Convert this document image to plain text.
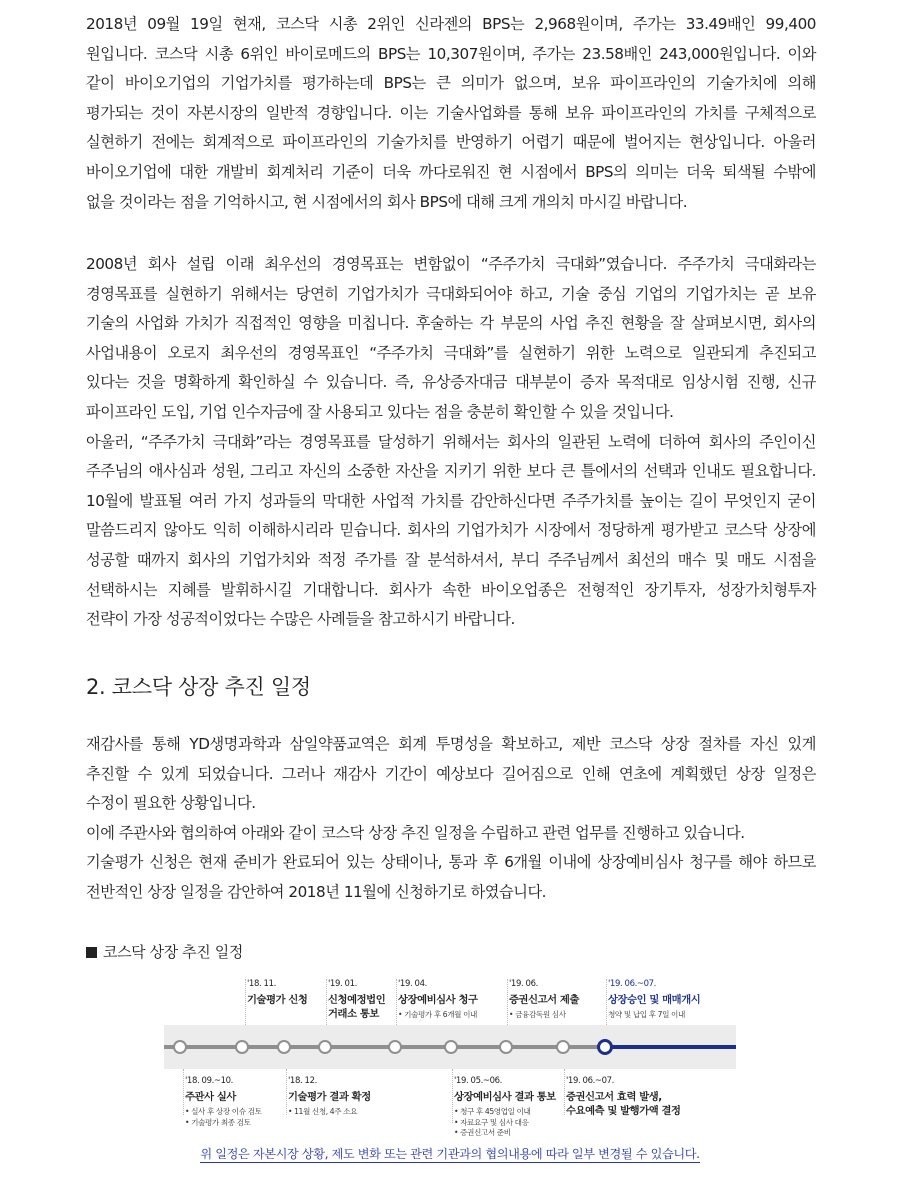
2018년 09월 19일 현재, 코스닥 시총 2위인 신라젠의 BPS는 2,968원이며, 주가는 33.49배인 99,400
원입니다. 코스닥 시총 6위인 바이로메드의 BPS는 10,307원이며, 주가는 23.58배인 243,000원입니다. 이와
같이 바이오기업의 기업가치를 평가하는데 BPS는 큰 의미가 없으며, 보유 파이프라인의 기술가치에 의해
평가되는 것이 자본시장의 일반적 경향입니다. 이는 기술사업화를 통해 보유 파이프라인의 가치를 구체적으로
실현하기 전에는 회계적으로 파이프라인의 기술가치를 반영하기 어렵기 때문에 벌어지는 현상입니다. 아울러
바이오기업에 대한 개발비 회계처리 기준이 더욱 까다로워진 현 시점에서 BPS의 의미는 더욱 퇴색될 수밖에
없을 것이라는 점을 기억하시고, 현 시점에서의 회사 BPS에 대해 크게 개의치 마시길 바랍니다.
2008년 회사 설립 이래 최우선의 경영목표는 변함없이 “주주가치 극대화”였습니다. 주주가치 극대화라는
경영목표를 실현하기 위해서는 당연히 기업가치가 극대화되어야 하고, 기술 중심 기업의 기업가치는 곧 보유
기술의 사업화 가치가 직접적인 영향을 미칩니다. 후술하는 각 부문의 사업 추진 현황을 잘 살펴보시면, 회사의
사업내용이 오로지 최우선의 경영목표인 “주주가치 극대화”를 실현하기 위한 노력으로 일관되게 추진되고
있다는 것을 명확하게 확인하실 수 있습니다. 즉, 유상증자대금 대부분이 증자 목적대로 임상시험 진행, 신규
파이프라인 도입, 기업 인수자금에 잘 사용되고 있다는 점을 충분히 확인할 수 있을 것입니다.
아울러, “주주가치 극대화”라는 경영목표를 달성하기 위해서는 회사의 일관된 노력에 더하여 회사의 주인이신
주주님의 애사심과 성원, 그리고 자신의 소중한 자산을 지키기 위한 보다 큰 틀에서의 선택과 인내도 필요합니다.
10월에 발표될 여러 가지 성과들의 막대한 사업적 가치를 감안하신다면 주주가치를 높이는 길이 무엇인지 굳이
말씀드리지 않아도 익히 이해하시리라 믿습니다. 회사의 기업가치가 시장에서 정당하게 평가받고 코스닥 상장에
성공할 때까지 회사의 기업가치와 적정 주가를 잘 분석하셔서, 부디 주주님께서 최선의 매수 및 매도 시점을
선택하시는 지혜를 발휘하시길 기대합니다. 회사가 속한 바이오업종은 전형적인 장기투자, 성장가치형투자
전략이 가장 성공적이었다는 수많은 사례들을 참고하시기 바랍니다.
2. 코스닥 상장 추진 일정
재감사를 통해 YD생명과학과 삼일약품교역은 회계 투명성을 확보하고, 제반 코스닥 상장 절차를 자신 있게
추진할 수 있게 되었습니다. 그러나 재감사 기간이 예상보다 길어짐으로 인해 연초에 계획했던 상장 일정은
수정이 필요한 상황입니다.
이에 주관사와 협의하여 아래와 같이 코스닥 상장 추진 일정을 수립하고 관련 업무를 진행하고 있습니다.
기술평가 신청은 현재 준비가 완료되어 있는 상태이나, 통과 후 6개월 이내에 상장예비심사 청구를 해야 하므로
전반적인 상장 일정을 감안하여 2018년 11월에 신청하기로 하였습니다.
코스닥 상장 추진 일정
'18. 11.
기술평가 신청
'19. 01.
신청예정법인
거래소 통보
'19. 04.
상장예비심사 청구
• 기술평가 후 6개월 이내
'19. 06.
증권신고서 제출
• 금융감독원 심사
'19. 06.~07.
상장승인 및 매매개시
청약 및 납입 후 7일 이내
'18. 09.~10.
주관사 실사
• 실사 후 상장 이슈 검토
• 기술평가 최종 검토
'18. 12.
기술평가 결과 확정
• 11월 신청, 4주 소요
'19. 05.~06.
상장예비심사 결과 통보
• 청구 후 45영업일 이내
• 자료요구 및 심사 대응
• 증권신고서 준비
'19. 06.~07.
증권신고서 효력 발생,
수요예측 및 발행가액 결정
위 일정은 자본시장 상황, 제도 변화 또는 관련 기관과의 협의내용에 따라 일부 변경될 수 있습니다.
